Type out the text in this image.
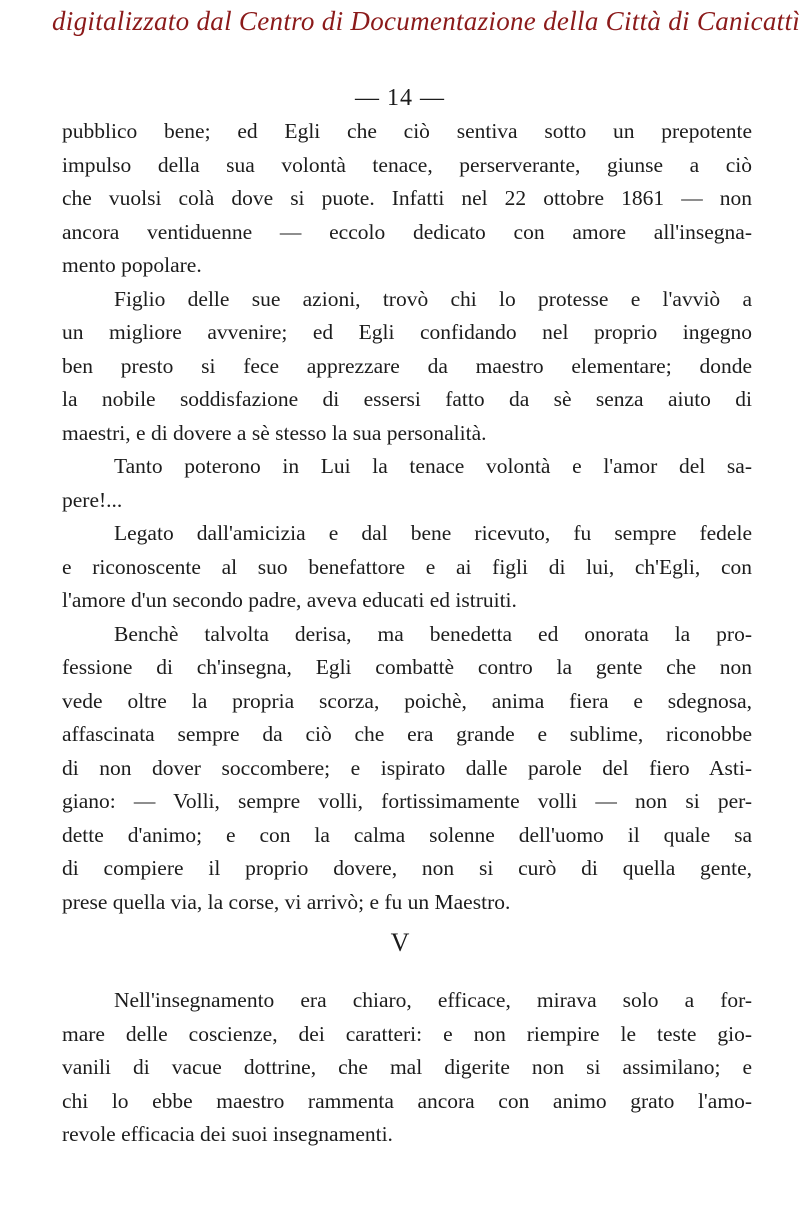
digitalizzato dal Centro di Documentazione della Città di Canicattì
— 14 —
pubblico bene; ed Egli che ciò sentiva sotto un prepotente
impulso della sua volontà tenace, perserverante, giunse a ciò
che vuolsi colà dove si puote. Infatti nel 22 ottobre 1861 — non
ancora ventiduenne — eccolo dedicato con amore all'insegna-
mento popolare.
Figlio delle sue azioni, trovò chi lo protesse e l'avviò a
un migliore avvenire; ed Egli confidando nel proprio ingegno
ben presto si fece apprezzare da maestro elementare; donde
la nobile soddisfazione di essersi fatto da sè senza aiuto di
maestri, e di dovere a sè stesso la sua personalità.
Tanto poterono in Lui la tenace volontà e l'amor del sa-
pere!...
Legato dall'amicizia e dal bene ricevuto, fu sempre fedele
e riconoscente al suo benefattore e ai figli di lui, ch'Egli, con
l'amore d'un secondo padre, aveva educati ed istruiti.
Benchè talvolta derisa, ma benedetta ed onorata la pro-
fessione di ch'insegna, Egli combattè contro la gente che non
vede oltre la propria scorza, poichè, anima fiera e sdegnosa,
affascinata sempre da ciò che era grande e sublime, riconobbe
di non dover soccombere; e ispirato dalle parole del fiero Asti-
giano: — Volli, sempre volli, fortissimamente volli — non si per-
dette d'animo; e con la calma solenne dell'uomo il quale sa
di compiere il proprio dovere, non si curò di quella gente,
prese quella via, la corse, vi arrivò; e fu un Maestro.
V
Nell'insegnamento era chiaro, efficace, mirava solo a for-
mare delle coscienze, dei caratteri: e non riempire le teste gio-
vanili di vacue dottrine, che mal digerite non si assimilano; e
chi lo ebbe maestro rammenta ancora con animo grato l'amo-
revole efficacia dei suoi insegnamenti.
